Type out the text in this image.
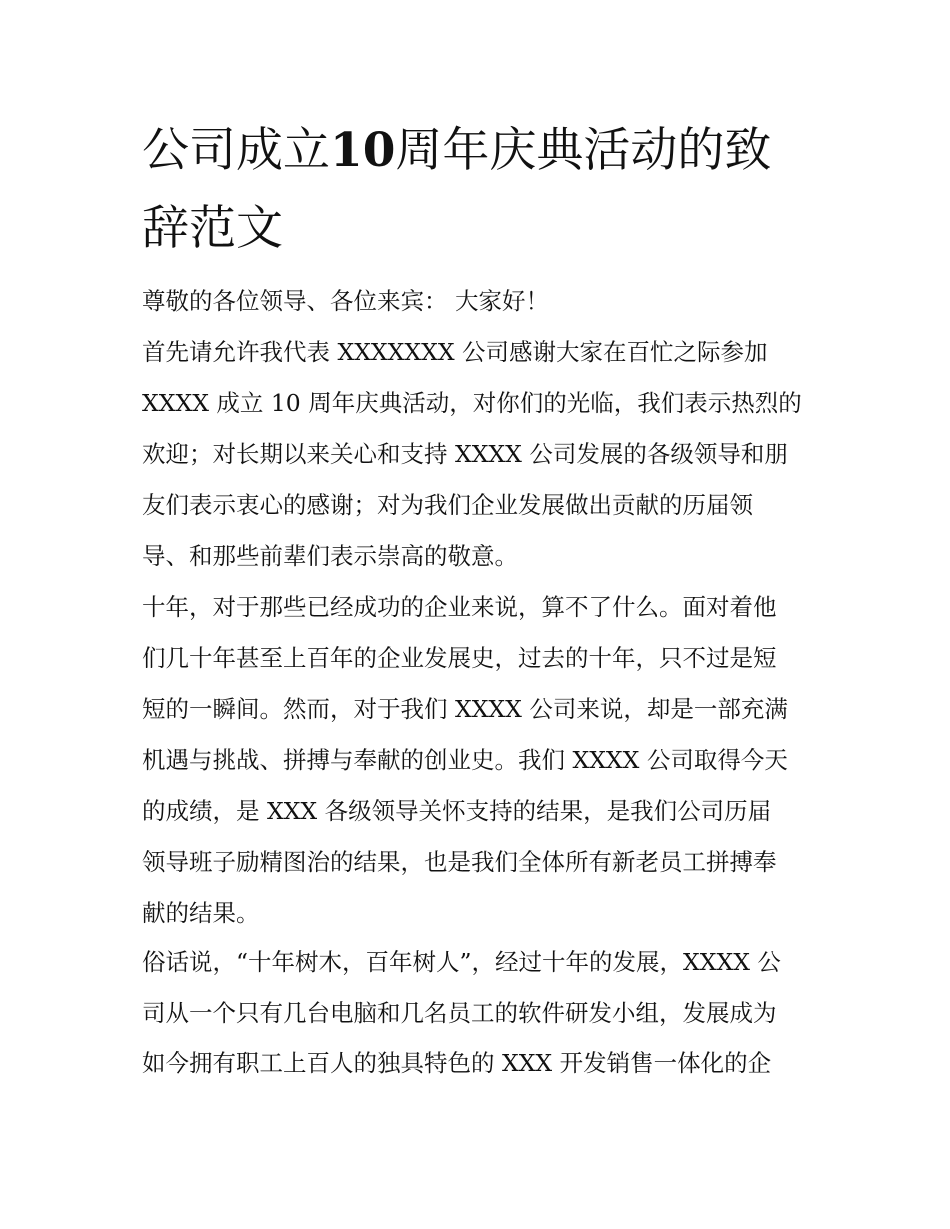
公司成立10周年庆典活动的致
辞范文

尊敬的各位领导、各位来宾： 大家好！

首先请允许我代表 XXXXXXX 公司感谢大家在百忙之际参加

XXXX 成立 10 周年庆典活动，对你们的光临，我们表示热烈的

欢迎；对长期以来关心和支持 XXXX 公司发展的各级领导和朋

友们表示衷心的感谢；对为我们企业发展做出贡献的历届领

导、和那些前辈们表示崇高的敬意。

十年，对于那些已经成功的企业来说，算不了什么。面对着他

们几十年甚至上百年的企业发展史，过去的十年，只不过是短

短的一瞬间。然而，对于我们 XXXX 公司来说，却是一部充满

机遇与挑战、拼搏与奉献的创业史。我们 XXXX 公司取得今天

的成绩，是 XXX 各级领导关怀支持的结果，是我们公司历届

领导班子励精图治的结果，也是我们全体所有新老员工拼搏奉

献的结果。

俗话说，“十年树木，百年树人”，经过十年的发展，XXXX 公

司从一个只有几台电脑和几名员工的软件研发小组，发展成为

如今拥有职工上百人的独具特色的 XXX 开发销售一体化的企
